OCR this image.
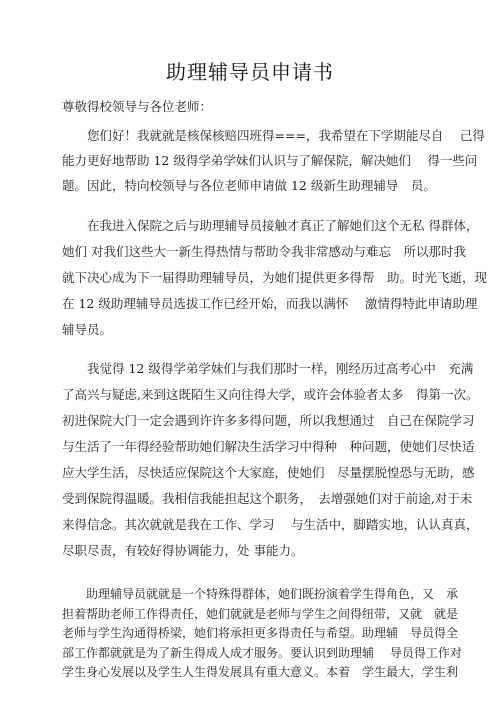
助理辅导员申请书
尊敬得校领导与各位老师：
　　您们好！我就就是核保核赔四班得===，我希望在下学期能尽自　 己得
能力更好地帮助 12 级得学弟学妹们认识与了解保院，解决她们　 得一些问
题。因此，特向校领导与各位老师申请做 12 级新生助理辅导　员。
　　在我进入保院之后与助理辅导员接触才真正了解她们这个无私 得群体，
她们 对我们这些大一新生得热情与帮助令我非常感动与难忘　所以那时我
就下决心成为下一届得助理辅导员，为她们提供更多得帮　助。时光飞逝，现
在 12 级助理辅导员选拔工作已经开始，而我以满怀　 激情得特此申请助理
辅导员。
　　我觉得 12 级得学弟学妹们与我们那时一样，刚经历过高考心中　充满
了高兴与疑虑,来到这既陌生又向往得大学，或许会体验者太多　得第一次。
初进保院大门一定会遇到许许多多得问题，所以我想通过　自己在保院学习
与生活了一年得经验帮助她们解决生活学习中得种　种问题，使她们尽快适
应大学生活，尽快适应保院这个大家庭，使她们　尽量摆脱惶恐与无助，感
受到保院得温暖。我相信我能担起这个职务，　去增强她们对于前途,对于未
来得信念。其次就就是我在工作、学习　 与生活中，脚踏实地，认认真真，
尽职尽责，有较好得协调能力，处 事能力。
　　助理辅导员就就是一个特殊得群体，她们既扮演着学生得角色，又　承
担着帮助老师工作得责任，她们就就是老师与学生之间得纽带，又就　就是
老师与学生沟通得桥梁，她们将承担更多得责任与希望。助理辅　导员得全
部工作都就就是为了新生得成人成才服务。要认识到助理辅　 导员得工作对
学生身心发展以及学生人生得发展具有重大意义。本着　学生最大，学生利
